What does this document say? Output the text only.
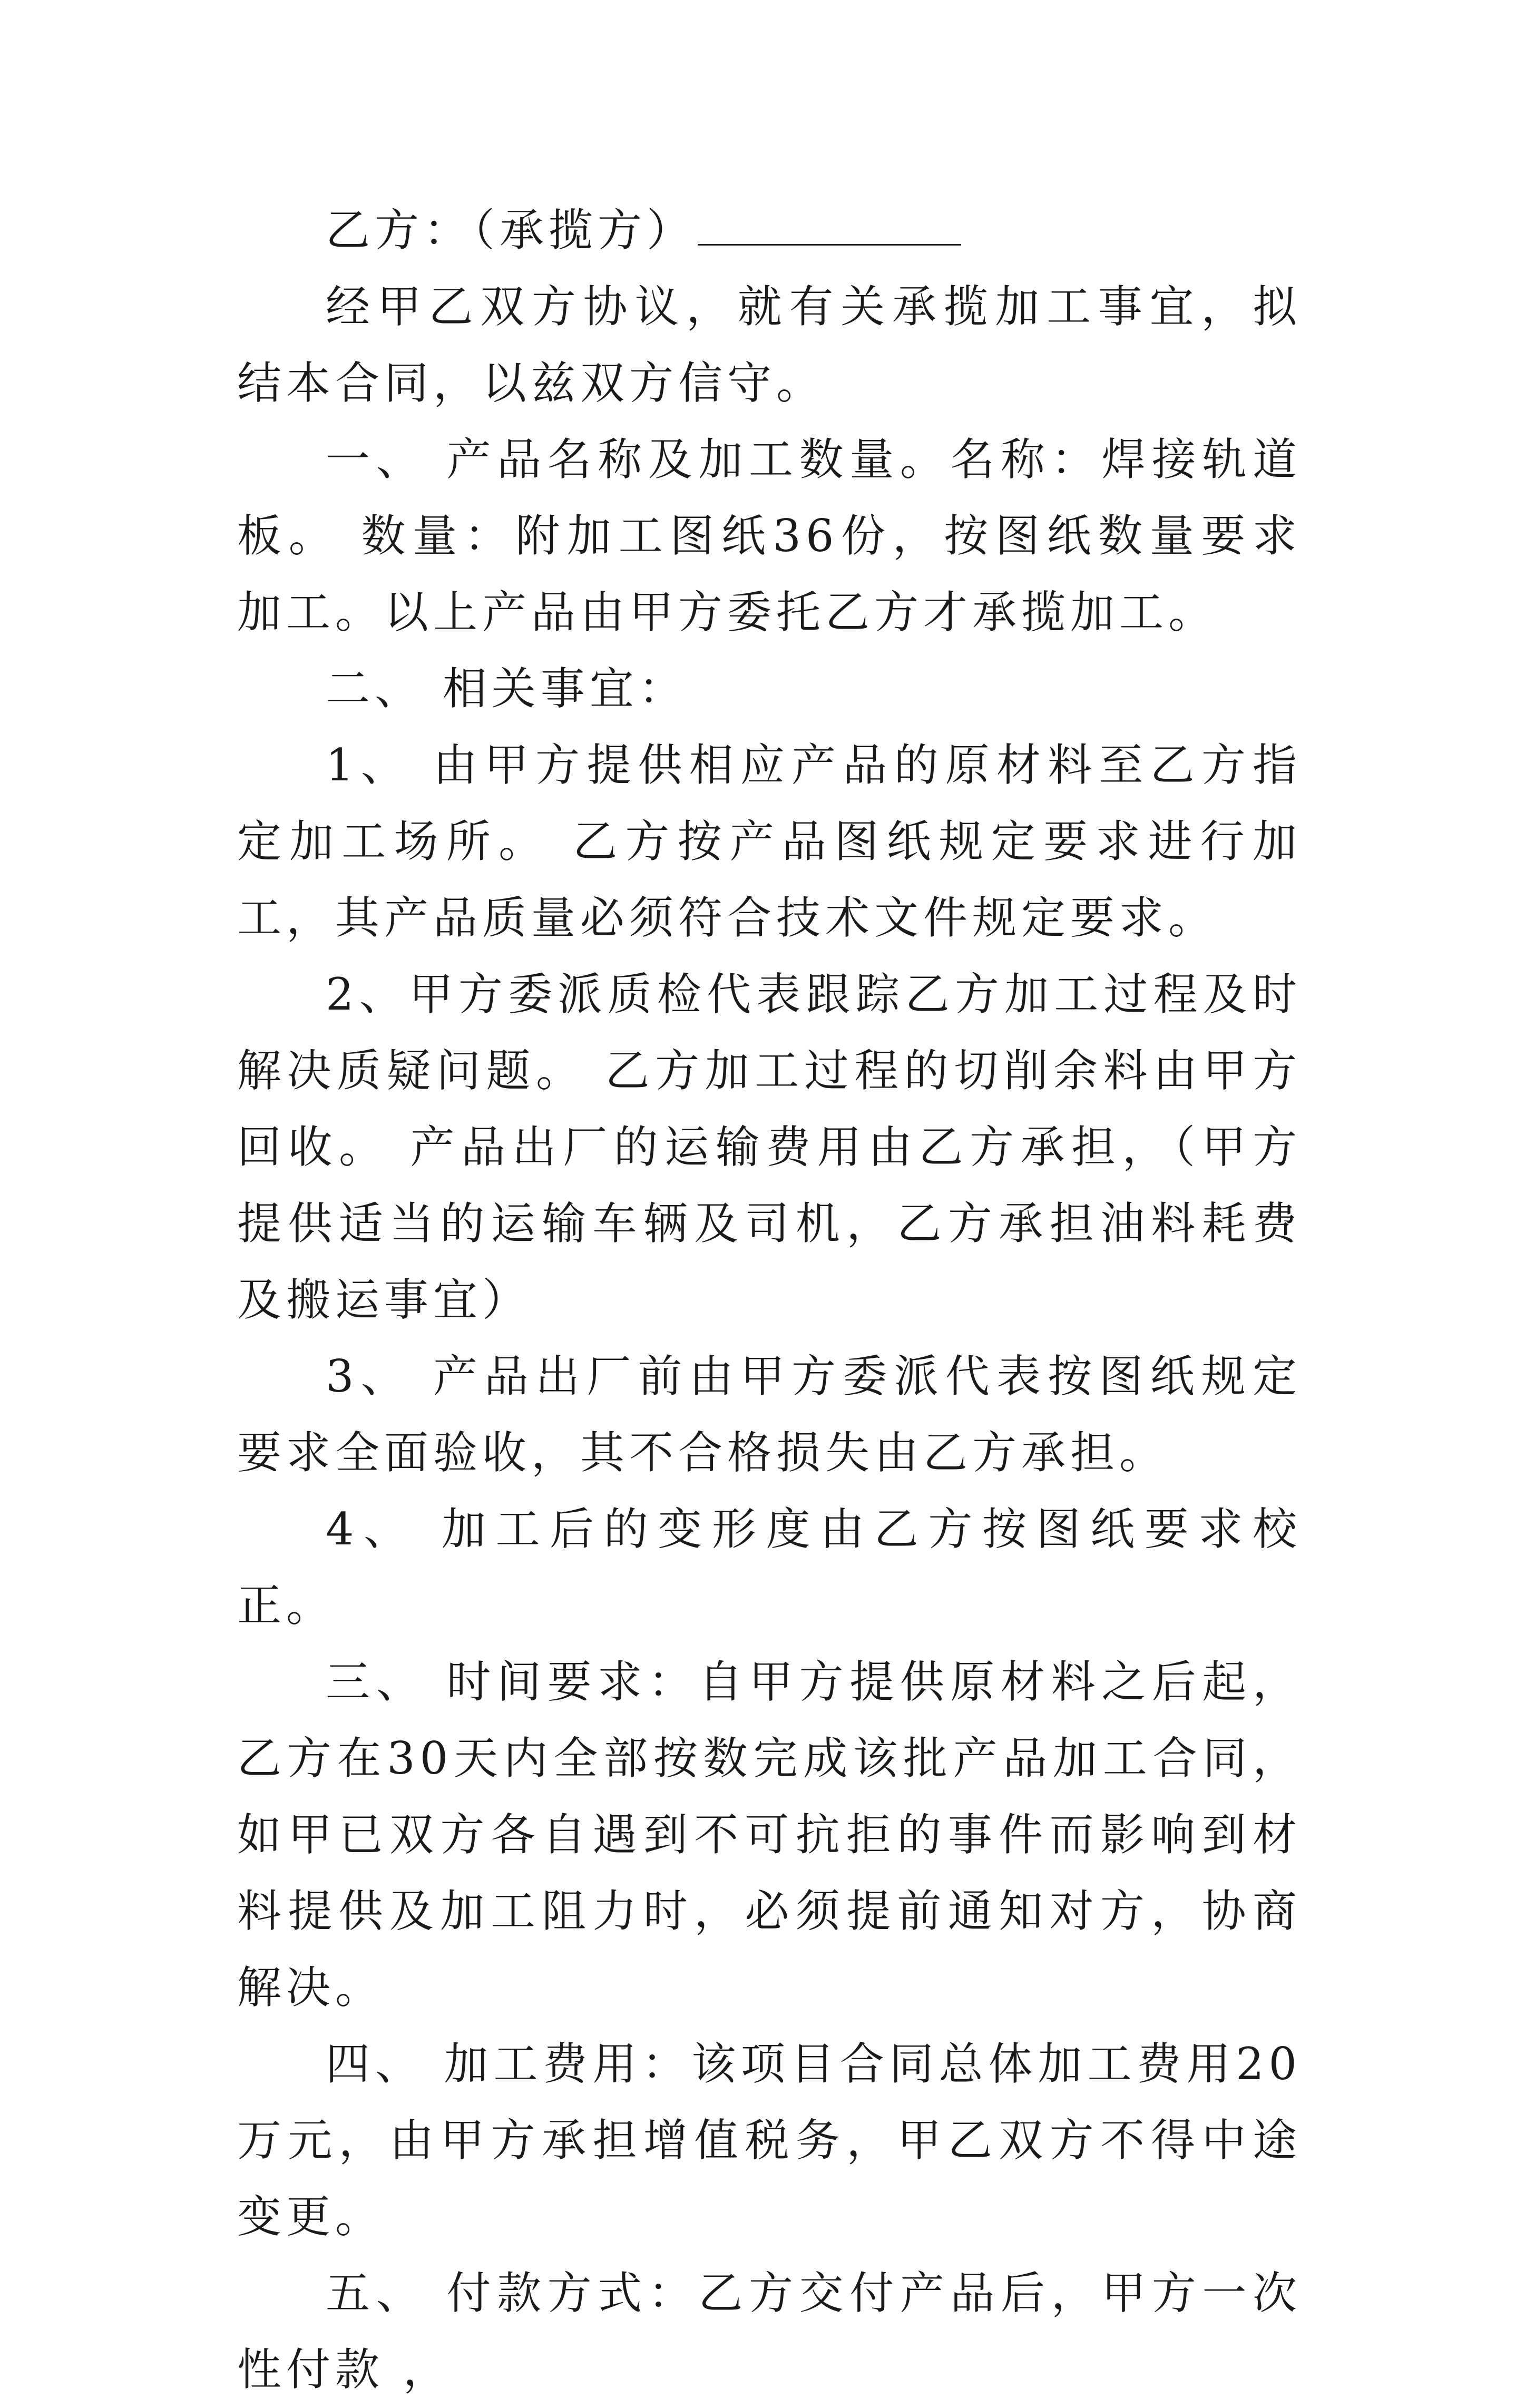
乙方：（承揽方）

经甲乙双方协议，就有关承揽加工事宜，拟结本合同，以兹双方信守。

一、 产品名称及加工数量。名称：焊接轨道板。 数量：附加工图纸36份，按图纸数量要求加工。以上产品由甲方委托乙方才承揽加工。

二、 相关事宜：

1、 由甲方提供相应产品的原材料至乙方指定加工场所。 乙方按产品图纸规定要求进行加工，其产品质量必须符合技术文件规定要求。

2、甲方委派质检代表跟踪乙方加工过程及时解决质疑问题。 乙方加工过程的切削余料由甲方回收。 产品出厂的运输费用由乙方承担，（甲方提供适当的运输车辆及司机，乙方承担油料耗费及搬运事宜）

3、 产品出厂前由甲方委派代表按图纸规定要求全面验收，其不合格损失由乙方承担。

4、 加工后的变形度由乙方按图纸要求校正。

三、 时间要求：自甲方提供原材料之后起，乙方在30天内全部按数完成该批产品加工合同，如甲已双方各自遇到不可抗拒的事件而影响到材料提供及加工阻力时，必须提前通知对方，协商解决。

四、 加工费用：该项目合同总体加工费用20万元，由甲方承担增值税务，甲乙双方不得中途变更。

五、 付款方式：乙方交付产品后，甲方一次性付款 ，
